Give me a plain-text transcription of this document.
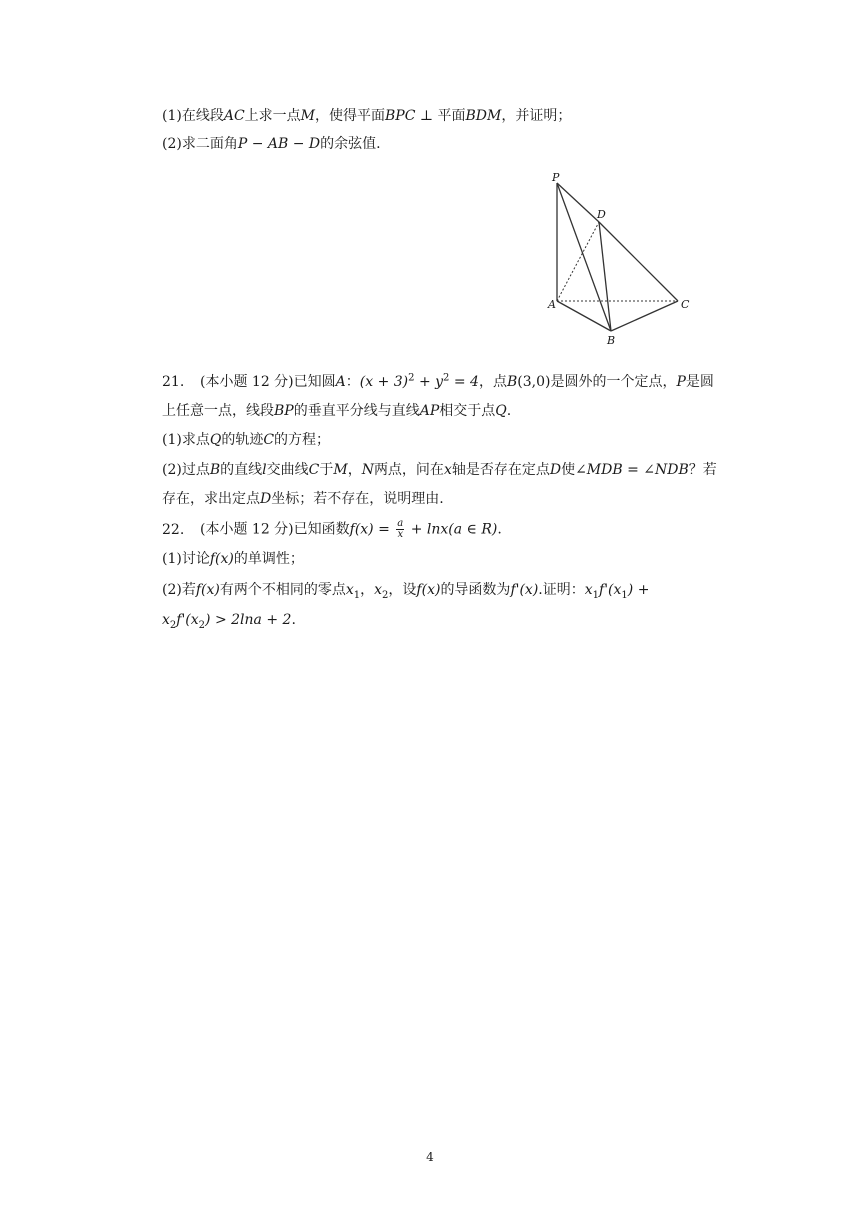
(1)在线段AC上求一点M，使得平面BPC ⊥ 平面BDM，并证明；
(2)求二面角P − AB − D的余弦值.
P
D
A
B
C
21. (本小题 12 分)已知圆A：$(x + 3)^2 + y^2 = 4$，点B(3,0)是圆外的一个定点，P是圆
上任意一点，线段BP的垂直平分线与直线AP相交于点Q.
(1)求点Q的轨迹C的方程；
(2)过点B的直线l交曲线C于M，N两点，问在x轴是否存在定点D使∠MDB = ∠NDB？若
存在，求出定点D坐标；若不存在，说明理由.
22. (本小题 12 分)已知函数$f(x) = \frac{a}{x} + \ln x(a$ ∈ R).
(1)讨论f(x)的单调性；
(2)若f(x)有两个不相同的零点$x_1$，$x_2$，设f(x)的导函数为f'(x).证明：$x_1f'(x_1)$ +
$x_2f'(x_2) > 2\ln a + 2$.
4
